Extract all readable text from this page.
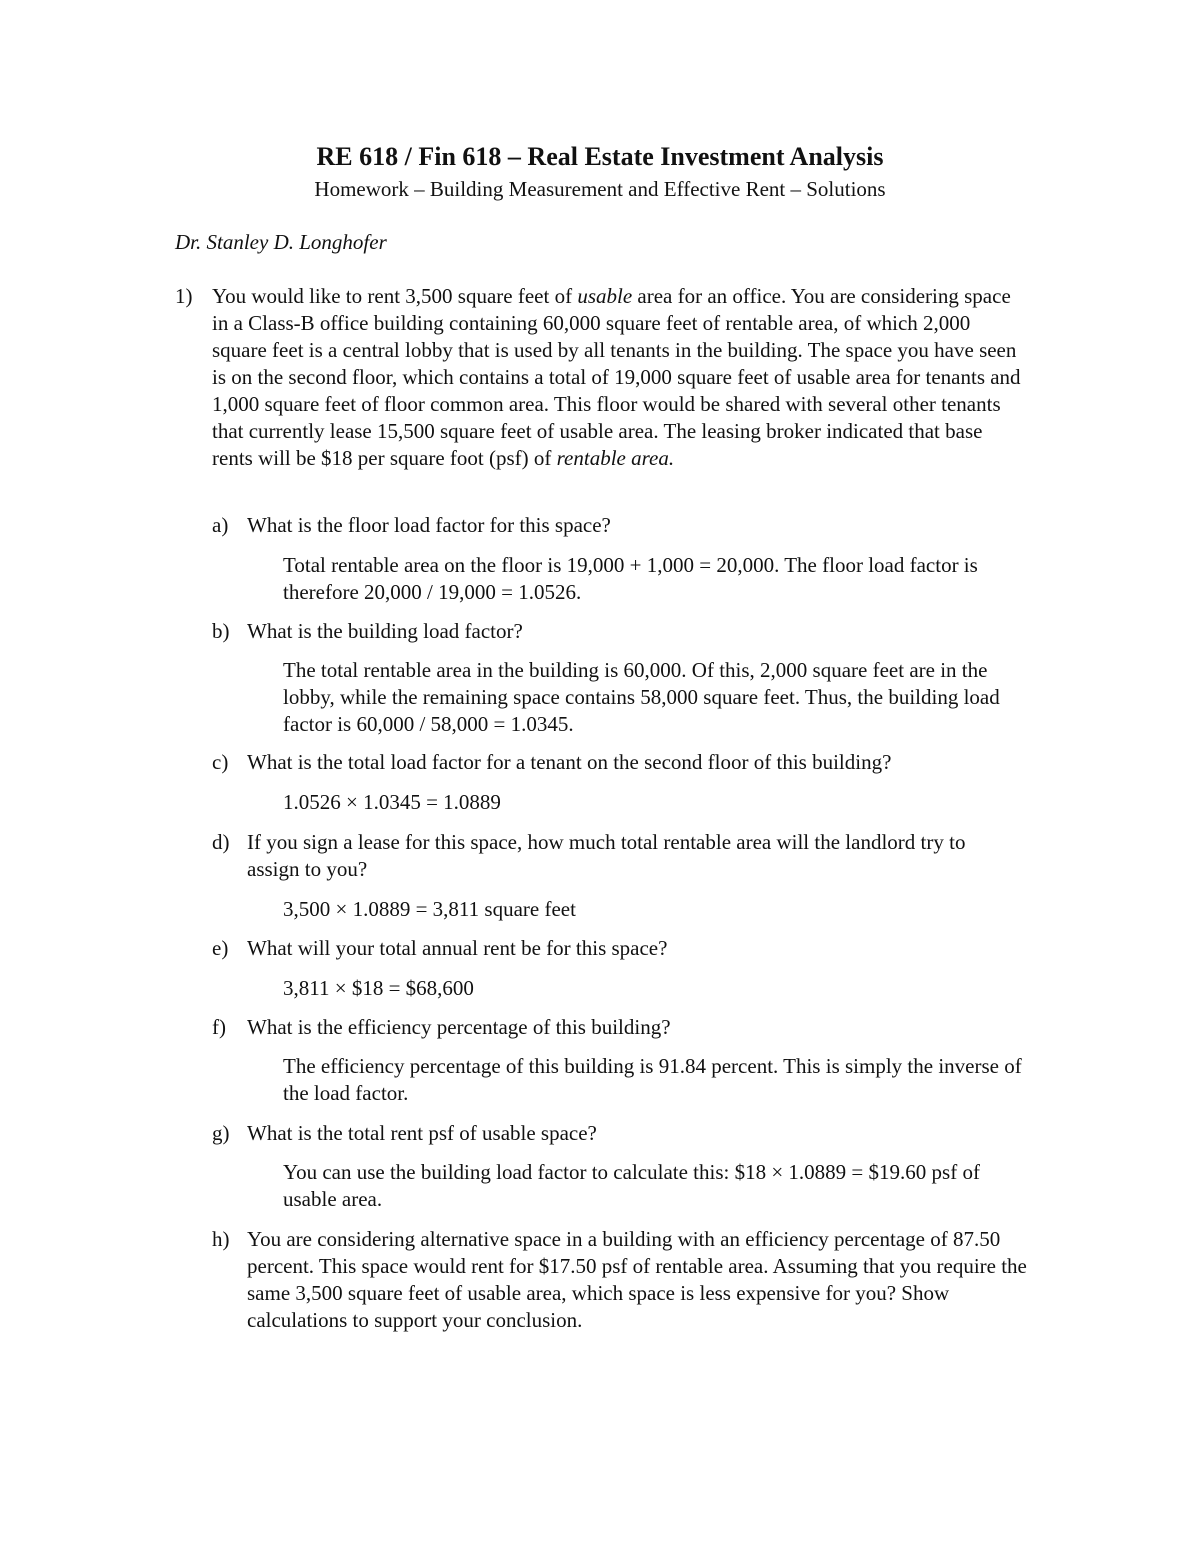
RE 618 / Fin 618 – Real Estate Investment Analysis
Homework – Building Measurement and Effective Rent – Solutions
Dr. Stanley D. Longhofer
1) You would like to rent 3,500 square feet of usable area for an office. You are considering space in a Class-B office building containing 60,000 square feet of rentable area, of which 2,000 square feet is a central lobby that is used by all tenants in the building. The space you have seen is on the second floor, which contains a total of 19,000 square feet of usable area for tenants and 1,000 square feet of floor common area. This floor would be shared with several other tenants that currently lease 15,500 square feet of usable area. The leasing broker indicated that base rents will be $18 per square foot (psf) of rentable area.
a) What is the floor load factor for this space?
Total rentable area on the floor is 19,000 + 1,000 = 20,000. The floor load factor is therefore 20,000 / 19,000 = 1.0526.
b) What is the building load factor?
The total rentable area in the building is 60,000. Of this, 2,000 square feet are in the lobby, while the remaining space contains 58,000 square feet. Thus, the building load factor is 60,000 / 58,000 = 1.0345.
c) What is the total load factor for a tenant on the second floor of this building?
1.0526 × 1.0345 = 1.0889
d) If you sign a lease for this space, how much total rentable area will the landlord try to assign to you?
3,500 × 1.0889 = 3,811 square feet
e) What will your total annual rent be for this space?
3,811 × $18 = $68,600
f) What is the efficiency percentage of this building?
The efficiency percentage of this building is 91.84 percent. This is simply the inverse of the load factor.
g) What is the total rent psf of usable space?
You can use the building load factor to calculate this: $18 × 1.0889 = $19.60 psf of usable area.
h) You are considering alternative space in a building with an efficiency percentage of 87.50 percent. This space would rent for $17.50 psf of rentable area. Assuming that you require the same 3,500 square feet of usable area, which space is less expensive for you? Show calculations to support your conclusion.
